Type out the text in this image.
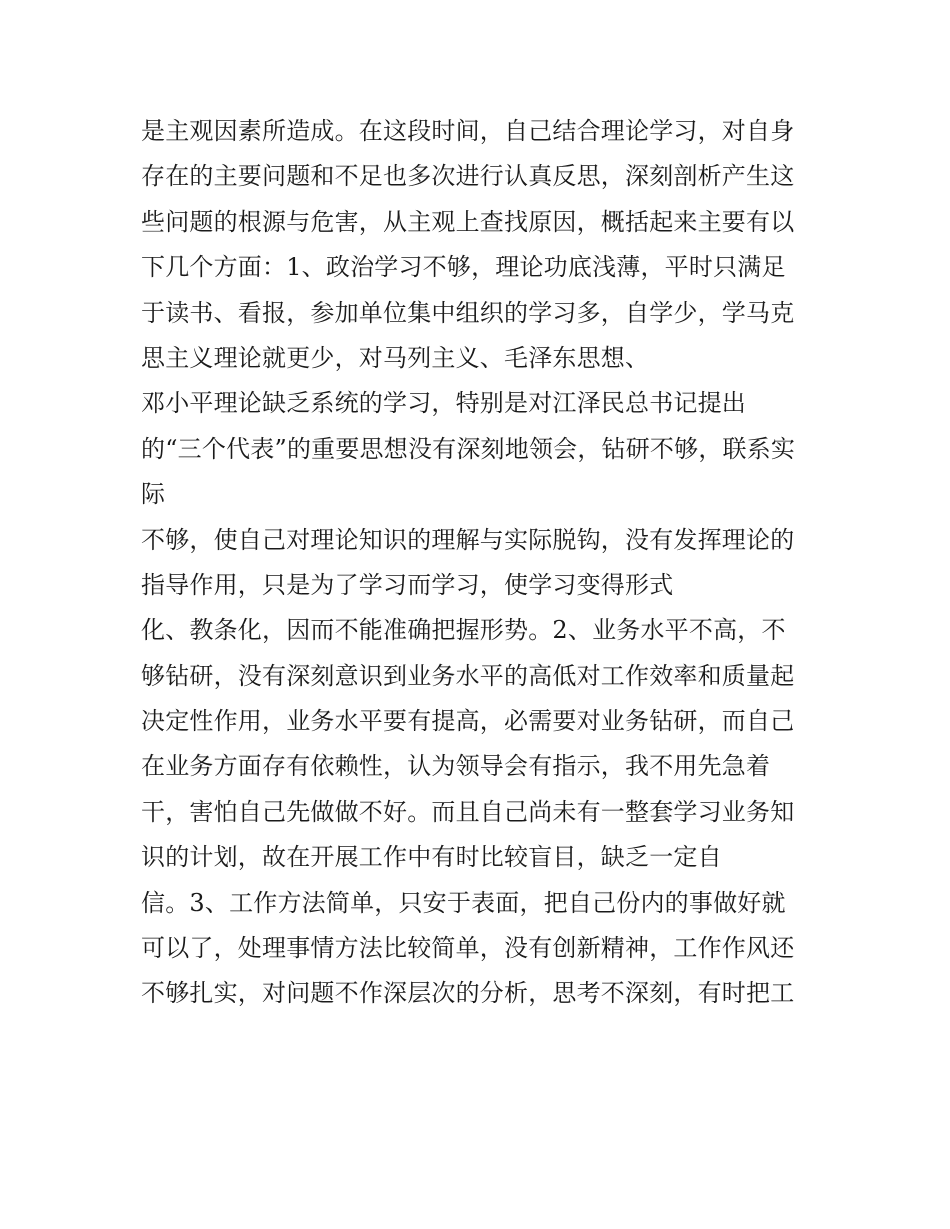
是主观因素所造成。在这段时间，自己结合理论学习，对自身
存在的主要问题和不足也多次进行认真反思，深刻剖析产生这
些问题的根源与危害，从主观上查找原因，概括起来主要有以
下几个方面：1、政治学习不够，理论功底浅薄，平时只满足
于读书、看报，参加单位集中组织的学习多，自学少，学马克
思主义理论就更少，对马列主义、毛泽东思想、
邓小平理论缺乏系统的学习，特别是对江泽民总书记提出
的“三个代表”的重要思想没有深刻地领会，钻研不够，联系实
际
不够，使自己对理论知识的理解与实际脱钩，没有发挥理论的
指导作用，只是为了学习而学习，使学习变得形式
化、教条化，因而不能准确把握形势。2、业务水平不高，不
够钻研，没有深刻意识到业务水平的高低对工作效率和质量起
决定性作用，业务水平要有提高，必需要对业务钻研，而自己
在业务方面存有依赖性，认为领导会有指示，我不用先急着
干，害怕自己先做做不好。而且自己尚未有一整套学习业务知
识的计划，故在开展工作中有时比较盲目，缺乏一定自
信。3、工作方法简单，只安于表面，把自己份内的事做好就
可以了，处理事情方法比较简单，没有创新精神，工作作风还
不够扎实，对问题不作深层次的分析，思考不深刻，有时把工
